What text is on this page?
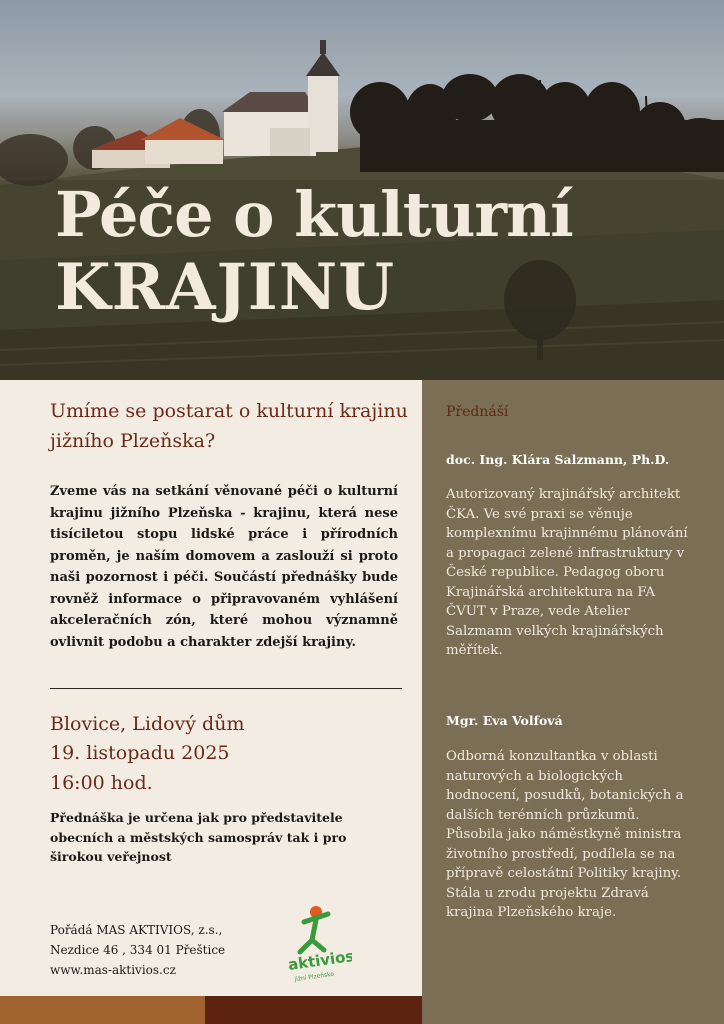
Péče o kulturní
KRAJINU

Umíme se postarat o kulturní krajinu jižního Plzeňska?

Zveme vás na setkání věnované péči o kulturní krajinu jižního Plzeňska - krajinu, která nese tisíciletou stopu lidské práce i přírodních proměn, je naším domovem a zaslouží si proto naši pozornost i péči. Součástí přednášky bude rovněž informace o připravovaném vyhlášení akceleračních zón, které mohou významně ovlivnit podobu a charakter zdejší krajiny.

Blovice, Lidový dům

19. listopadu 2025

16:00 hod.

Přednáška je určena jak pro představitele obecních a městských samospráv tak i pro širokou veřejnost

Pořádá MAS AKTIVIOS, z.s.,
Nezdice 46 , 334 01 Přeštice
www.mas-aktivios.cz	aktivios
jižní Plzeňsko

Přednáší

doc. Ing. Klára Salzmann, Ph.D.

Autorizovaný krajinářský architekt ČKA. Ve své praxi se věnuje komplexnímu krajinnému plánování a propagaci zelené infrastruktury v České republice. Pedagog oboru Krajinářská architektura na FA ČVUT v Praze, vede Atelier Salzmann velkých krajinářských měřítek.

Mgr. Eva Volfová

Odborná konzultantka v oblasti naturových a biologických hodnocení, posudků, botanických a dalších terénních průzkumů. Působila jako náměstkyně ministra životního prostředí, podílela se na přípravě celostátní Politiky krajiny. Stála u zrodu projektu Zdravá krajina Plzeňského kraje.
